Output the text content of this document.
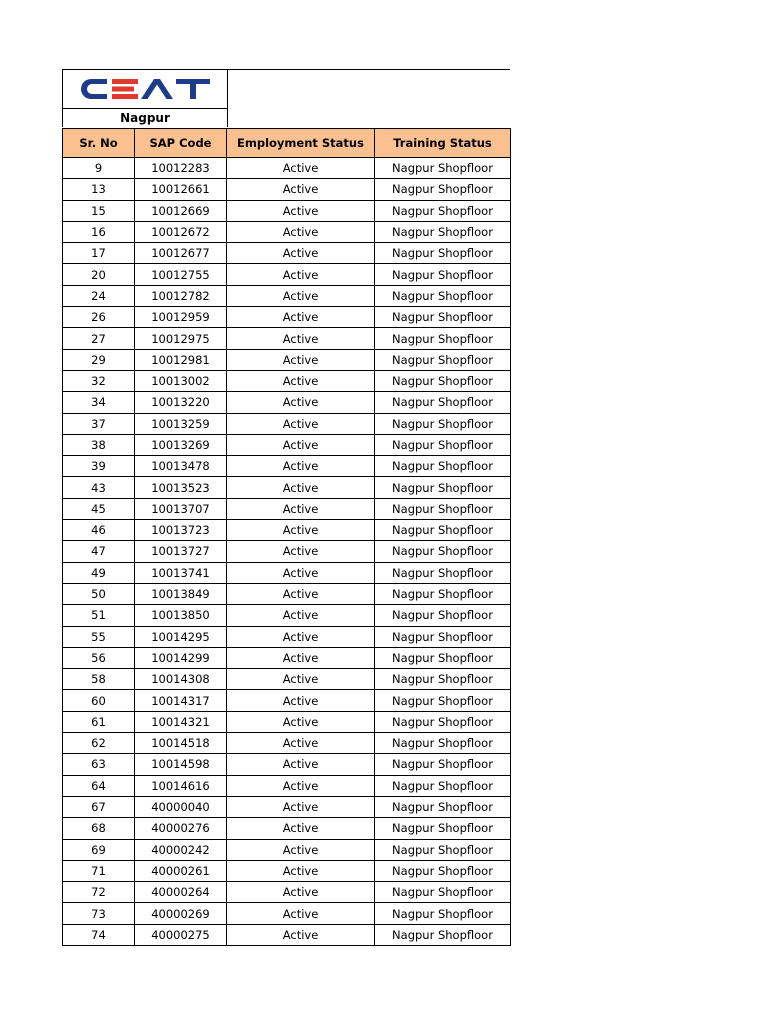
Nagpur
Sr. No	SAP Code	Employment Status	Training Status
9	10012283	Active	Nagpur Shopfloor
13	10012661	Active	Nagpur Shopfloor
15	10012669	Active	Nagpur Shopfloor
16	10012672	Active	Nagpur Shopfloor
17	10012677	Active	Nagpur Shopfloor
20	10012755	Active	Nagpur Shopfloor
24	10012782	Active	Nagpur Shopfloor
26	10012959	Active	Nagpur Shopfloor
27	10012975	Active	Nagpur Shopfloor
29	10012981	Active	Nagpur Shopfloor
32	10013002	Active	Nagpur Shopfloor
34	10013220	Active	Nagpur Shopfloor
37	10013259	Active	Nagpur Shopfloor
38	10013269	Active	Nagpur Shopfloor
39	10013478	Active	Nagpur Shopfloor
43	10013523	Active	Nagpur Shopfloor
45	10013707	Active	Nagpur Shopfloor
46	10013723	Active	Nagpur Shopfloor
47	10013727	Active	Nagpur Shopfloor
49	10013741	Active	Nagpur Shopfloor
50	10013849	Active	Nagpur Shopfloor
51	10013850	Active	Nagpur Shopfloor
55	10014295	Active	Nagpur Shopfloor
56	10014299	Active	Nagpur Shopfloor
58	10014308	Active	Nagpur Shopfloor
60	10014317	Active	Nagpur Shopfloor
61	10014321	Active	Nagpur Shopfloor
62	10014518	Active	Nagpur Shopfloor
63	10014598	Active	Nagpur Shopfloor
64	10014616	Active	Nagpur Shopfloor
67	40000040	Active	Nagpur Shopfloor
68	40000276	Active	Nagpur Shopfloor
69	40000242	Active	Nagpur Shopfloor
71	40000261	Active	Nagpur Shopfloor
72	40000264	Active	Nagpur Shopfloor
73	40000269	Active	Nagpur Shopfloor
74	40000275	Active	Nagpur Shopfloor
